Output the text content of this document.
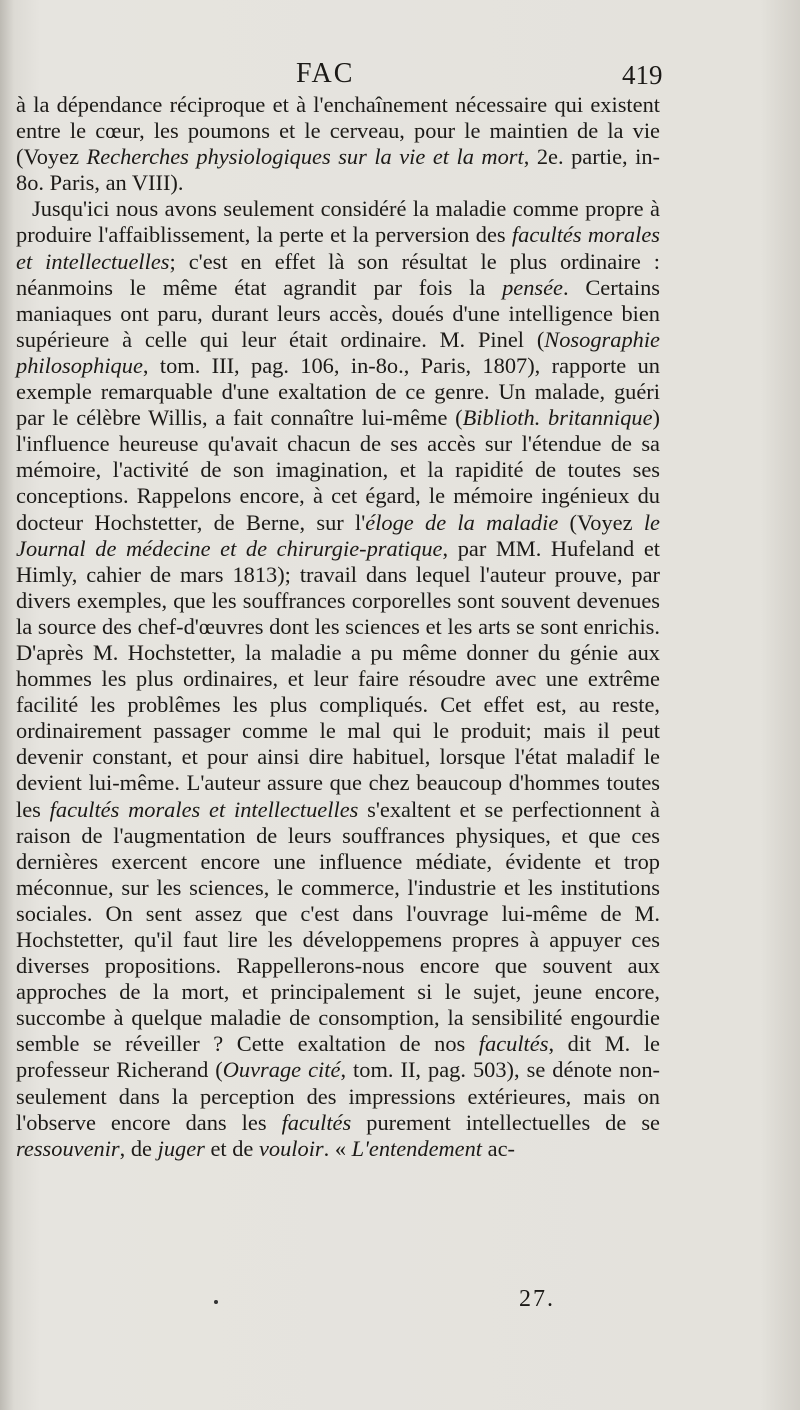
FAC	419

à la dépendance réciproque et à l'enchaînement nécessaire qui existent entre le cœur, les poumons et le cerveau, pour le maintien de la vie (Voyez Recherches physiologiques sur la vie et la mort, 2e. partie, in-8o. Paris, an VIII).

Jusqu'ici nous avons seulement considéré la maladie comme propre à produire l'affaiblissement, la perte et la perversion des facultés morales et intellectuelles; c'est en effet là son résultat le plus ordinaire : néanmoins le même état agrandit par fois la pensée. Certains maniaques ont paru, durant leurs accès, doués d'une intelligence bien supérieure à celle qui leur était ordinaire. M. Pinel (Nosographie philosophique, tom. III, pag. 106, in-8o., Paris, 1807), rapporte un exemple remarquable d'une exaltation de ce genre. Un malade, guéri par le célèbre Willis, a fait connaître lui-même (Biblioth. britannique) l'influence heureuse qu'avait chacun de ses accès sur l'étendue de sa mémoire, l'activité de son imagination, et la rapidité de toutes ses conceptions. Rappelons encore, à cet égard, le mémoire ingénieux du docteur Hochstetter, de Berne, sur l'éloge de la maladie (Voyez le Journal de médecine et de chirurgie-pratique, par MM. Hufeland et Himly, cahier de mars 1813); travail dans lequel l'auteur prouve, par divers exemples, que les souffrances corporelles sont souvent devenues la source des chef-d'œuvres dont les sciences et les arts se sont enrichis. D'après M. Hochstetter, la maladie a pu même donner du génie aux hommes les plus ordinaires, et leur faire résoudre avec une extrême facilité les problêmes les plus compliqués. Cet effet est, au reste, ordinairement passager comme le mal qui le produit; mais il peut devenir constant, et pour ainsi dire habituel, lorsque l'état maladif le devient lui-même. L'auteur assure que chez beaucoup d'hommes toutes les facultés morales et intellectuelles s'exaltent et se perfectionnent à raison de l'augmentation de leurs souffrances physiques, et que ces dernières exercent encore une influence médiate, évidente et trop méconnue, sur les sciences, le commerce, l'industrie et les institutions sociales. On sent assez que c'est dans l'ouvrage lui-même de M. Hochstetter, qu'il faut lire les développemens propres à appuyer ces diverses propositions. Rappellerons-nous encore que souvent aux approches de la mort, et principalement si le sujet, jeune encore, succombe à quelque maladie de consomption, la sensibilité engourdie semble se réveiller ? Cette exaltation de nos facultés, dit M. le professeur Richerand (Ouvrage cité, tom. II, pag. 503), se dénote non-seulement dans la perception des impressions extérieures, mais on l'observe encore dans les facultés purement intellectuelles de se ressouvenir, de juger et de vouloir. « L'entendement ac-

27.
